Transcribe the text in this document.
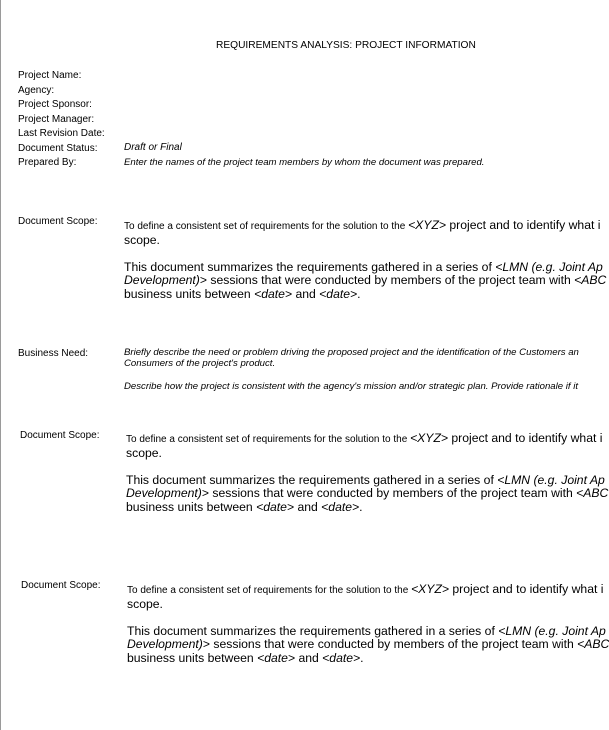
REQUIREMENTS ANALYSIS: PROJECT INFORMATION
Project Name:
Agency:
Project Sponsor:
Project Manager:
Last Revision Date:
Document Status:	Draft or Final
Prepared By:	Enter the names of the project team members by whom the document was prepared.
Document Scope:	To define a consistent set of requirements for the solution to the <XYZ> project and to identify what i
scope.
This document summarizes the requirements gathered in a series of <LMN (e.g. Joint Ap
Development)> sessions that were conducted by members of the project team with <ABC
business units between <date> and <date>.
Business Need:	Briefly describe the need or problem driving the proposed project and the identification of the Customers an
Consumers of the project's product.
Describe how the project is consistent with the agency's mission and/or strategic plan. Provide rationale if it
Document Scope:	To define a consistent set of requirements for the solution to the <XYZ> project and to identify what i
scope.
This document summarizes the requirements gathered in a series of <LMN (e.g. Joint Ap
Development)> sessions that were conducted by members of the project team with <ABC
business units between <date> and <date>.
Document Scope:	To define a consistent set of requirements for the solution to the <XYZ> project and to identify what i
scope.
This document summarizes the requirements gathered in a series of <LMN (e.g. Joint Ap
Development)> sessions that were conducted by members of the project team with <ABC
business units between <date> and <date>.
